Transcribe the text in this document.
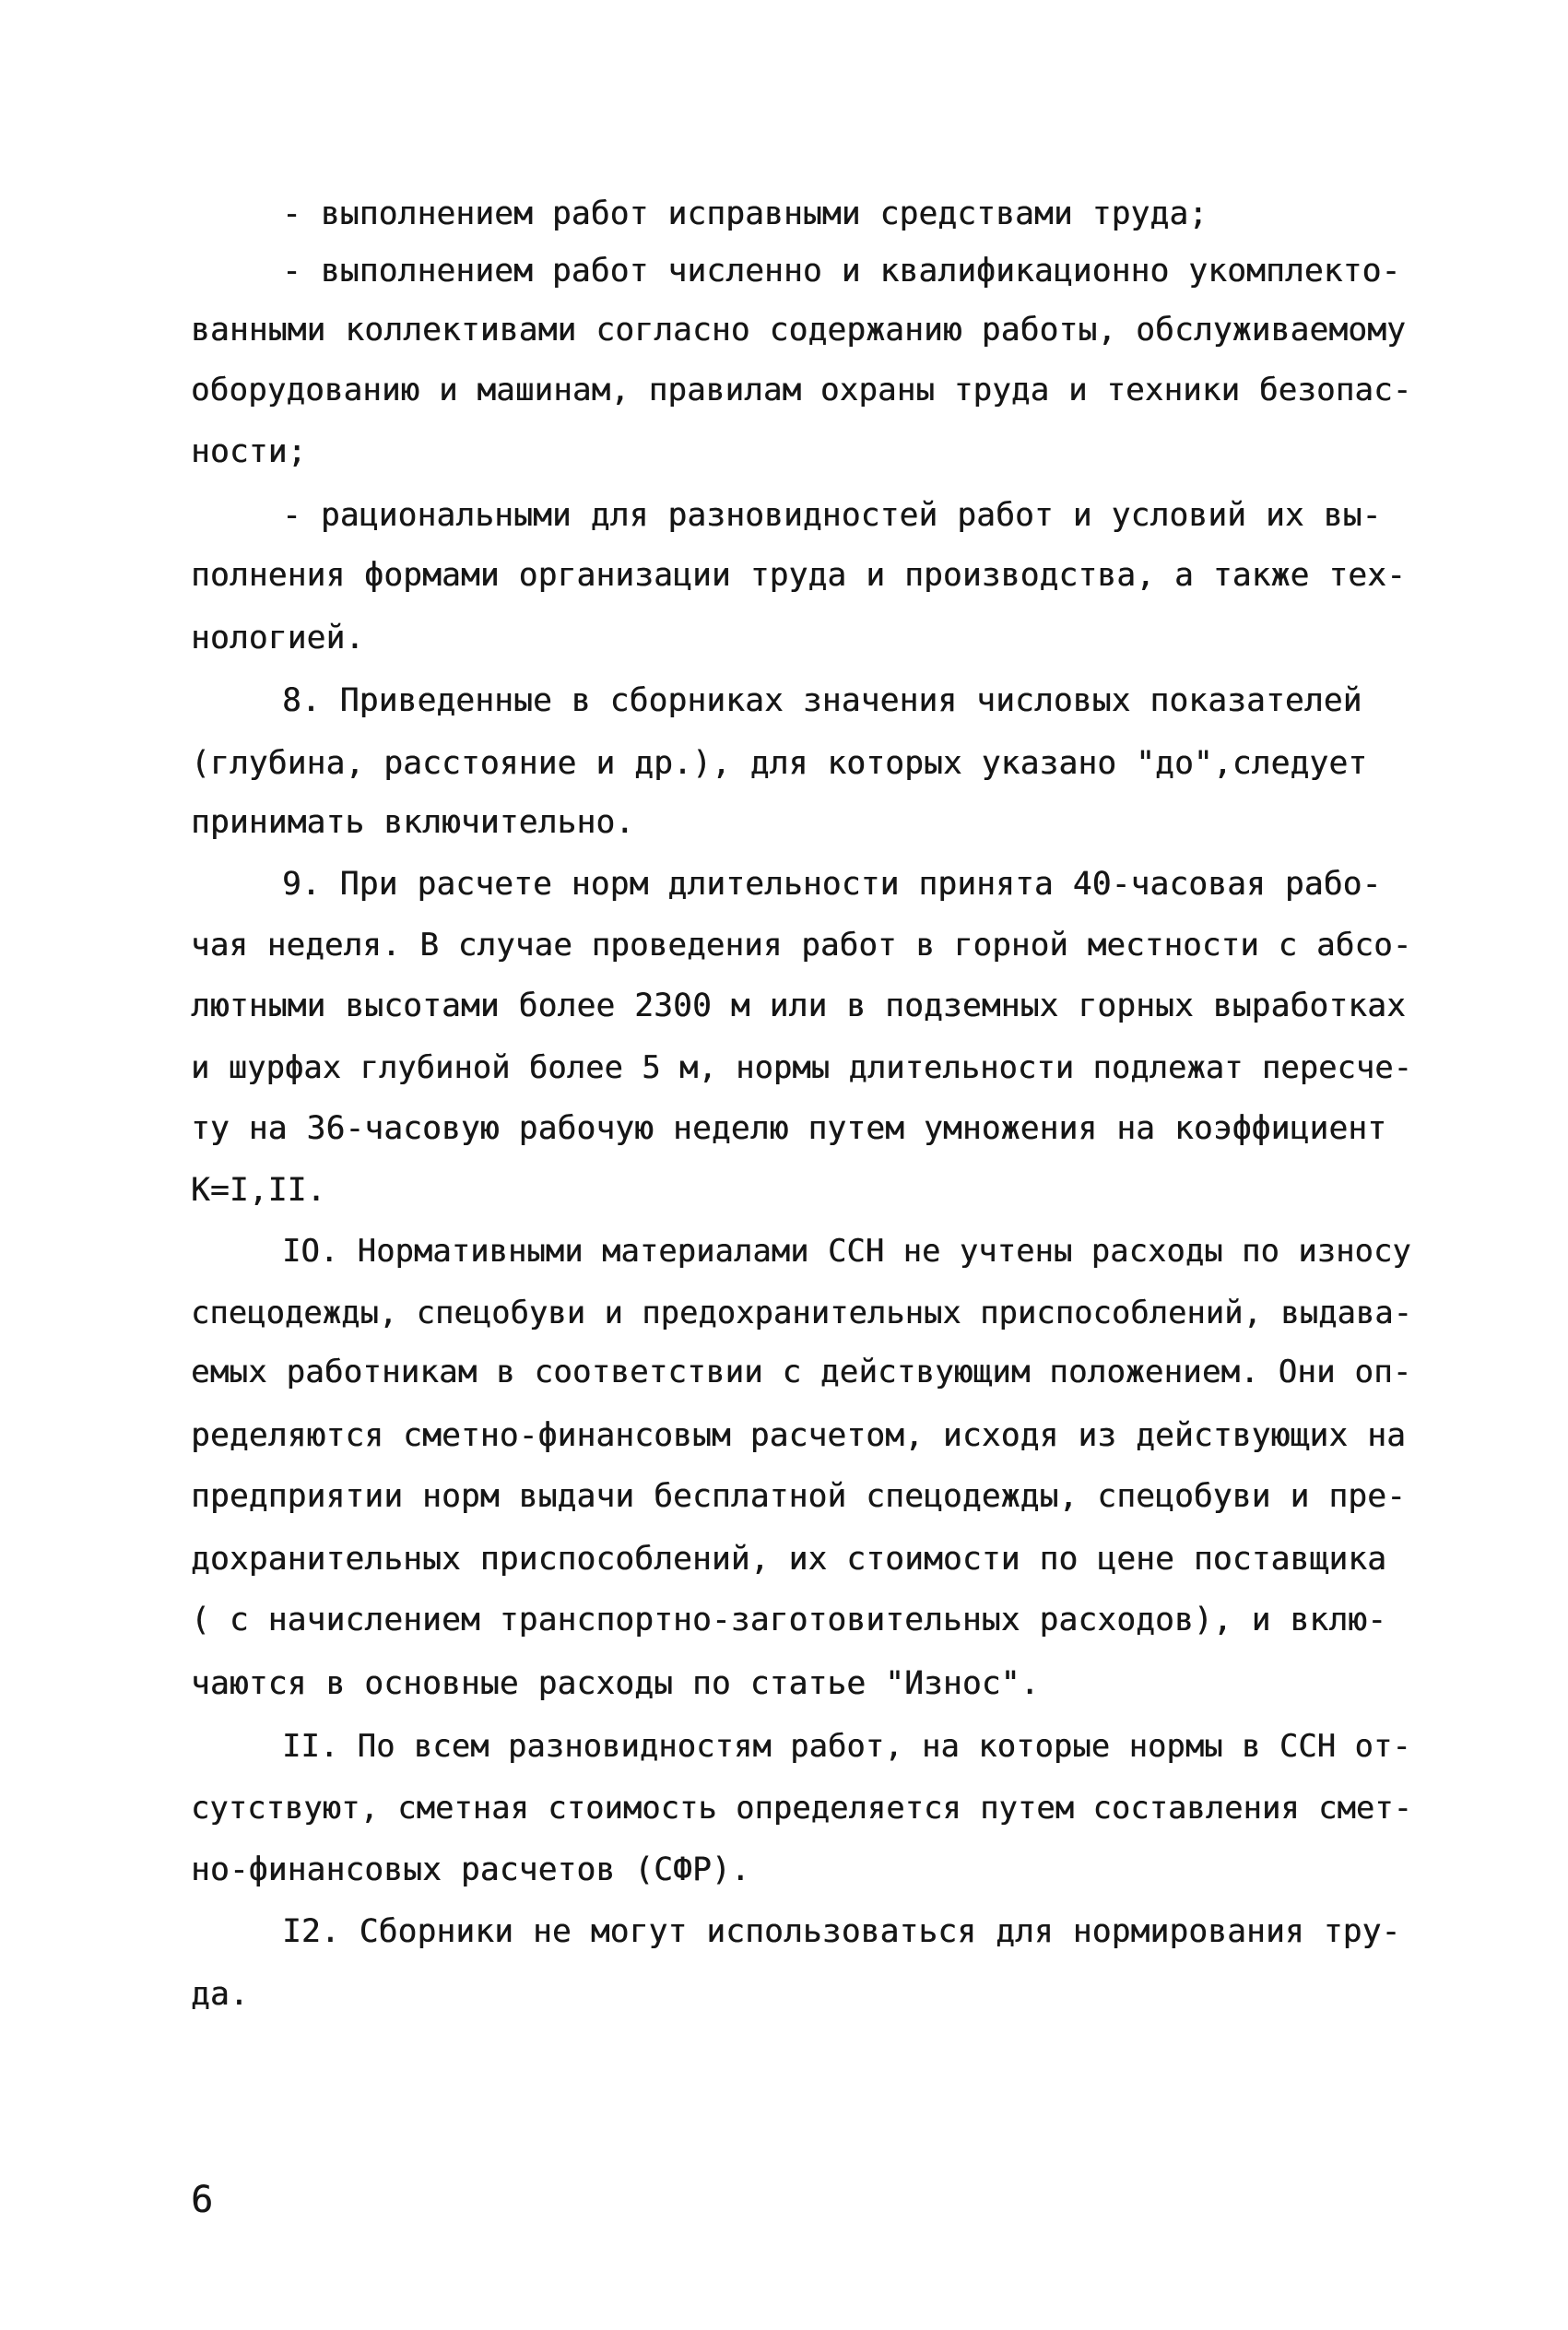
- выполнением работ исправными средствами труда;

- выполнением работ численно и квалификационно укомплекто-

ванными коллективами согласно содержанию работы, обслуживаемому

оборудованию и машинам, правилам охраны труда и техники безопас-

ности;

- рациональными для разновидностей работ и условий их вы-

полнения формами организации труда и производства, а также тех-

нологией.

8. Приведенные в сборниках значения числовых показателей

(глубина, расстояние и др.), для которых указано "до",следует

принимать включительно.

9. При расчете норм длительности принята 40-часовая рабо-

чая неделя. В случае проведения работ в горной местности с абсо-

лютными высотами более 2300 м или в подземных горных выработках

и шурфах глубиной более 5 м, нормы длительности подлежат пересче-

ту на 36-часовую рабочую неделю путем умножения на коэффициент

К=I,II.

IO. Нормативными материалами ССН не учтены расходы по износу

спецодежды, спецобуви и предохранительных приспособлений, выдава-

емых работникам в соответствии с действующим положением. Они оп-

ределяются сметно-финансовым расчетом, исходя из действующих на

предприятии норм выдачи бесплатной спецодежды, спецобуви и пре-

дохранительных приспособлений, их стоимости по цене поставщика

( с начислением транспортно-заготовительных расходов), и вклю-

чаются в основные расходы по статье "Износ".

II. По всем разновидностям работ, на которые нормы в ССН от-

сутствуют, сметная стоимость определяется путем составления смет-

но-финансовых расчетов (СФР).

I2. Сборники не могут использоваться для нормирования тру-

да.

6
